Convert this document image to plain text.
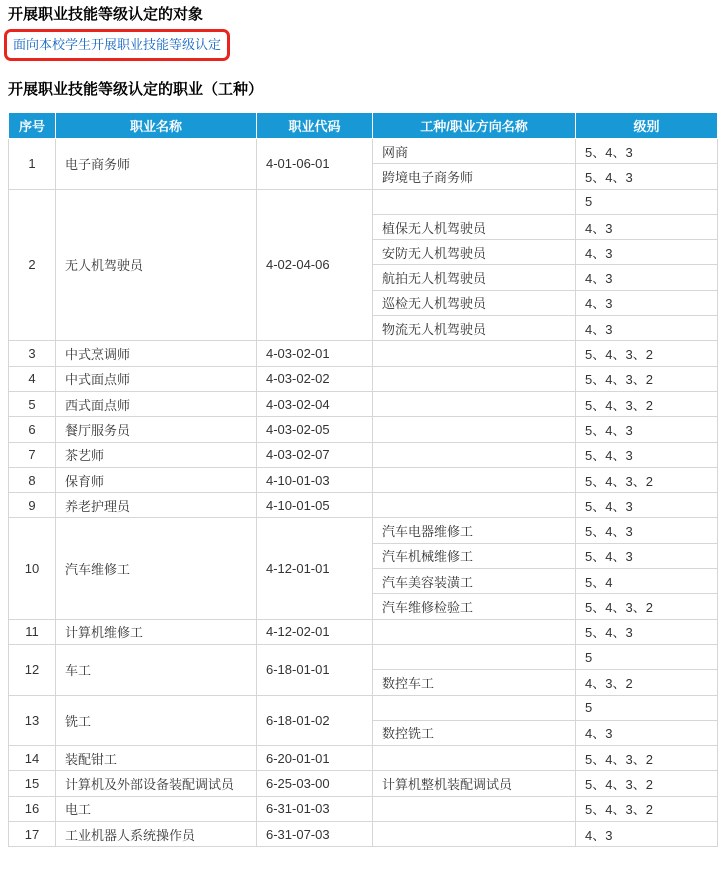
开展职业技能等级认定的对象
面向本校学生开展职业技能等级认定
开展职业技能等级认定的职业（工种）
序号	职业名称	职业代码	工种/职业方向名称	级别
1	电子商务师	4-01-06-01	网商	5、4、3
			跨境电子商务师	5、4、3
2	无人机驾驶员	4-02-04-06		5
			植保无人机驾驶员	4、3
			安防无人机驾驶员	4、3
			航拍无人机驾驶员	4、3
			巡检无人机驾驶员	4、3
			物流无人机驾驶员	4、3
3	中式烹调师	4-03-02-01		5、4、3、2
4	中式面点师	4-03-02-02		5、4、3、2
5	西式面点师	4-03-02-04		5、4、3、2
6	餐厅服务员	4-03-02-05		5、4、3
7	茶艺师	4-03-02-07		5、4、3
8	保育师	4-10-01-03		5、4、3、2
9	养老护理员	4-10-01-05		5、4、3
10	汽车维修工	4-12-01-01	汽车电器维修工	5、4、3
			汽车机械维修工	5、4、3
			汽车美容装潢工	5、4
			汽车维修检验工	5、4、3、2
11	计算机维修工	4-12-02-01		5、4、3
12	车工	6-18-01-01		5
			数控车工	4、3、2
13	铣工	6-18-01-02		5
			数控铣工	4、3
14	装配钳工	6-20-01-01		5、4、3、2
15	计算机及外部设备装配调试员	6-25-03-00	计算机整机装配调试员	5、4、3、2
16	电工	6-31-01-03		5、4、3、2
17	工业机器人系统操作员	6-31-07-03		4、3
